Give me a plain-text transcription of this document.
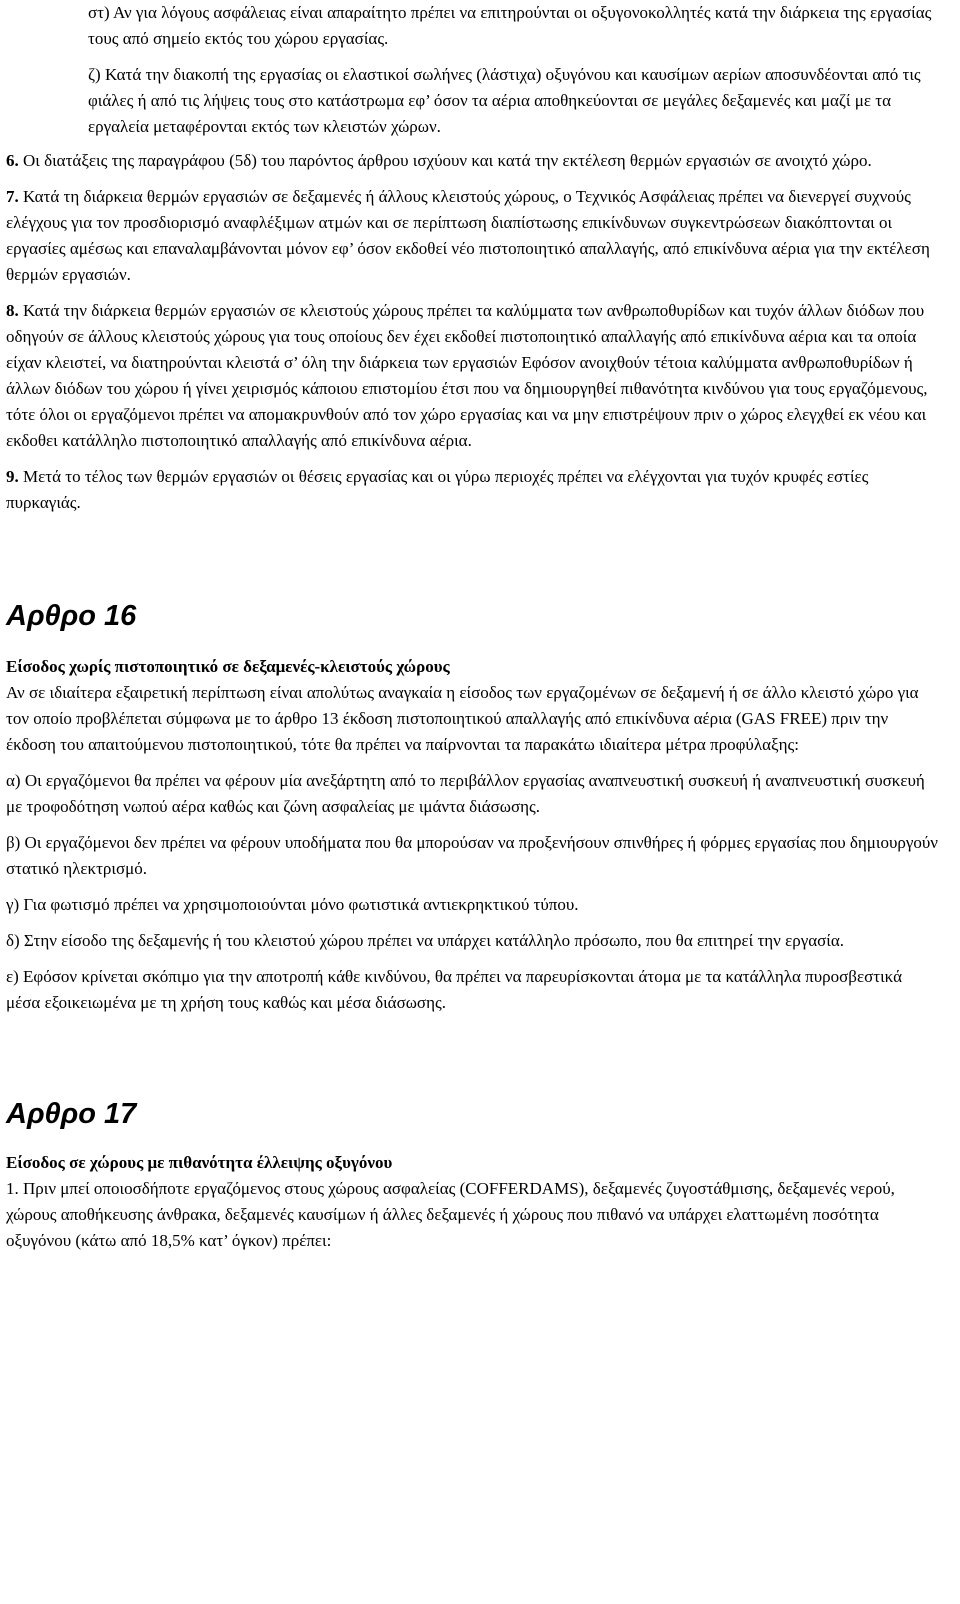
στ) Αν για λόγους ασφάλειας είναι απαραίτητο πρέπει να επιτηρούνται οι οξυγονοκολλητές κατά την διάρκεια της εργασίας τους από σημείο εκτός του χώρου εργασίας.

ζ) Κατά την διακοπή της εργασίας οι ελαστικοί σωλήνες (λάστιχα) οξυγόνου και καυσίμων αερίων αποσυνδέονται από τις φιάλες ή από τις λήψεις τους στο κατάστρωμα εφ’ όσον τα αέρια αποθηκεύονται σε μεγάλες δεξαμενές και μαζί με τα εργαλεία μεταφέρονται εκτός των κλειστών χώρων.

6. Οι διατάξεις της παραγράφου (5δ) του παρόντος άρθρου ισχύουν και κατά την εκτέλεση θερμών εργασιών σε ανοιχτό χώρο.

7. Κατά τη διάρκεια θερμών εργασιών σε δεξαμενές ή άλλους κλειστούς χώρους, ο Τεχνικός Ασφάλειας πρέπει να διενεργεί συχνούς ελέγχους για τον προσδιορισμό αναφλέξιμων ατμών και σε περίπτωση διαπίστωσης επικίνδυνων συγκεντρώσεων διακόπτονται οι εργασίες αμέσως και επαναλαμβάνονται μόνον εφ’ όσον εκδοθεί νέο πιστοποιητικό απαλλαγής, από επικίνδυνα αέρια για την εκτέλεση θερμών εργασιών.

8. Κατά την διάρκεια θερμών εργασιών σε κλειστούς χώρους πρέπει τα καλύμματα των ανθρωποθυρίδων και τυχόν άλλων διόδων που οδηγούν σε άλλους κλειστούς χώρους για τους οποίους δεν έχει εκδοθεί πιστοποιητικό απαλλαγής από επικίνδυνα αέρια και τα οποία είχαν κλειστεί, να διατηρούνται κλειστά σ’ όλη την διάρκεια των εργασιών Εφόσον ανοιχθούν τέτοια καλύμματα ανθρωποθυρίδων ή άλλων διόδων του χώρου ή γίνει χειρισμός κάποιου επιστομίου έτσι που να δημιουργηθεί πιθανότητα κινδύνου για τους εργαζόμενους, τότε όλοι οι εργαζόμενοι πρέπει να απομακρυνθούν από τον χώρο εργασίας και να μην επιστρέψουν πριν ο χώρος ελεγχθεί εκ νέου και εκδοθει κατάλληλο πιστοποιητικό απαλλαγής από επικίνδυνα αέρια.

9. Μετά το τέλος των θερμών εργασιών οι θέσεις εργασίας και οι γύρω περιοχές πρέπει να ελέγχονται για τυχόν κρυφές εστίες πυρκαγιάς.

Αρθρο 16

Είσοδος χωρίς πιστοποιητικό σε δεξαμενές-κλειστούς χώρους

Αν σε ιδιαίτερα εξαιρετική περίπτωση είναι απολύτως αναγκαία η είσοδος των εργαζομένων σε δεξαμενή ή σε άλλο κλειστό χώρο για τον οποίο προβλέπεται σύμφωνα με το άρθρο 13 έκδοση πιστοποιητικού απαλλαγής από επικίνδυνα αέρια (GAS FREE) πριν την έκδοση του απαιτούμενου πιστοποιητικού, τότε θα πρέπει να παίρνονται τα παρακάτω ιδιαίτερα μέτρα προφύλαξης:

α) Οι εργαζόμενοι θα πρέπει να φέρουν μία ανεξάρτητη από το περιβάλλον εργασίας αναπνευστική συσκευή ή αναπνευστική συσκευή με τροφοδότηση νωπού αέρα καθώς και ζώνη ασφαλείας με ιμάντα διάσωσης.

β) Οι εργαζόμενοι δεν πρέπει να φέρουν υποδήματα που θα μπορούσαν να προξενήσουν σπινθήρες ή φόρμες εργασίας που δημιουργούν στατικό ηλεκτρισμό.

γ) Για φωτισμό πρέπει να χρησιμοποιούνται μόνο φωτιστικά αντιεκρηκτικού τύπου.

δ) Στην είσοδο της δεξαμενής ή του κλειστού χώρου πρέπει να υπάρχει κατάλληλο πρόσωπο, που θα επιτηρεί την εργασία.

ε) Εφόσον κρίνεται σκόπιμο για την αποτροπή κάθε κινδύνου, θα πρέπει να παρευρίσκονται άτομα με τα κατάλληλα πυροσβεστικά μέσα εξοικειωμένα με τη χρήση τους καθώς και μέσα διάσωσης.

Αρθρο 17

Είσοδος σε χώρους με πιθανότητα έλλειψης οξυγόνου

1. Πριν μπεί οποιοσδήποτε εργαζόμενος στους χώρους ασφαλείας (COFFERDAMS), δεξαμενές ζυγοστάθμισης, δεξαμενές νερού, χώρους αποθήκευσης άνθρακα, δεξαμενές καυσίμων ή άλλες δεξαμενές ή χώρους που πιθανό να υπάρχει ελαττωμένη ποσότητα οξυγόνου (κάτω από 18,5% κατ’ όγκον) πρέπει:
